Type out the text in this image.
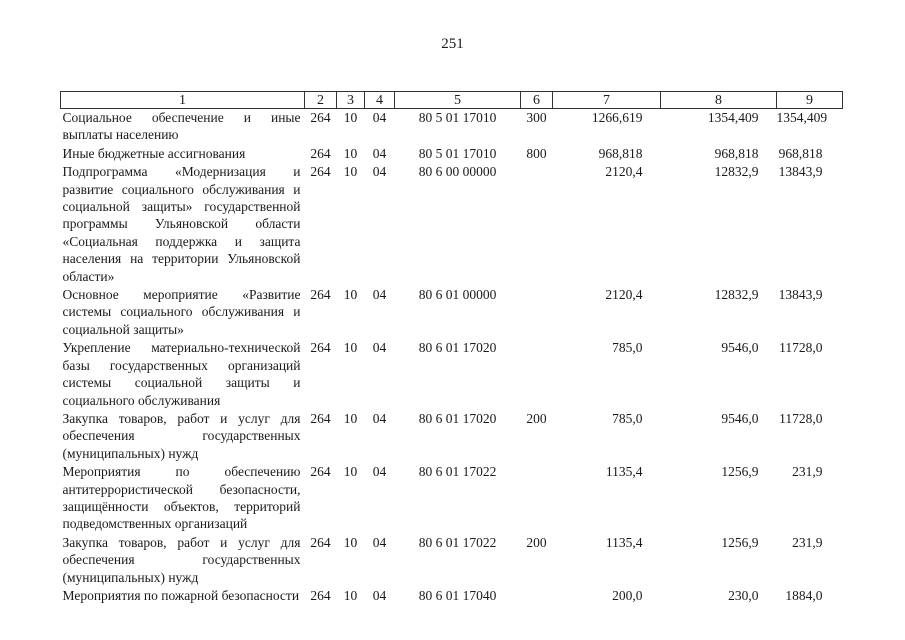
251
1	2	3	4	5	6	7	8	9
Социальное обеспечение и иные выплаты населению	264	10	04	80 5 01 17010	300	1266,619	1354,409	1354,409
Иные бюджетные ассигнования	264	10	04	80 5 01 17010	800	968,818	968,818	968,818
Подпрограмма «Модернизация и развитие социального обслуживания и социальной защиты» государственной программы Ульяновской области «Социальная поддержка и защита населения на территории Ульяновской области»	264	10	04	80 6 00 00000		2120,4	12832,9	13843,9
Основное мероприятие «Развитие системы социального обслуживания и социальной защиты»	264	10	04	80 6 01 00000		2120,4	12832,9	13843,9
Укрепление материально-технической базы государственных организаций системы социальной защиты и социального обслуживания	264	10	04	80 6 01 17020		785,0	9546,0	11728,0
Закупка товаров, работ и услуг для обеспечения государственных (муниципальных) нужд	264	10	04	80 6 01 17020	200	785,0	9546,0	11728,0
Мероприятия по обеспечению антитеррористической безопасности, защищённости объектов, территорий подведомственных организаций	264	10	04	80 6 01 17022		1135,4	1256,9	231,9
Закупка товаров, работ и услуг для обеспечения государственных (муниципальных) нужд	264	10	04	80 6 01 17022	200	1135,4	1256,9	231,9
Мероприятия по пожарной безопасности	264	10	04	80 6 01 17040		200,0	230,0	1884,0
